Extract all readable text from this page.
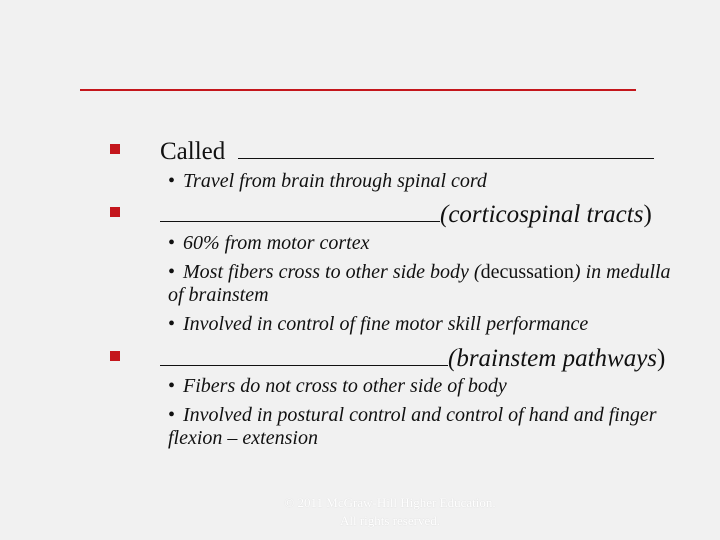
Called
• Travel from brain through spinal cord
(corticospinal tracts)
• 60% from motor cortex
• Most fibers cross to other side body (decussation) in medulla of brainstem
• Involved in control of fine motor skill performance
(brainstem pathways)
• Fibers do not cross to other side of body
• Involved in postural control and control of hand and finger flexion – extension
© 2011 McGraw-Hill Higher Education.
All rights reserved.
